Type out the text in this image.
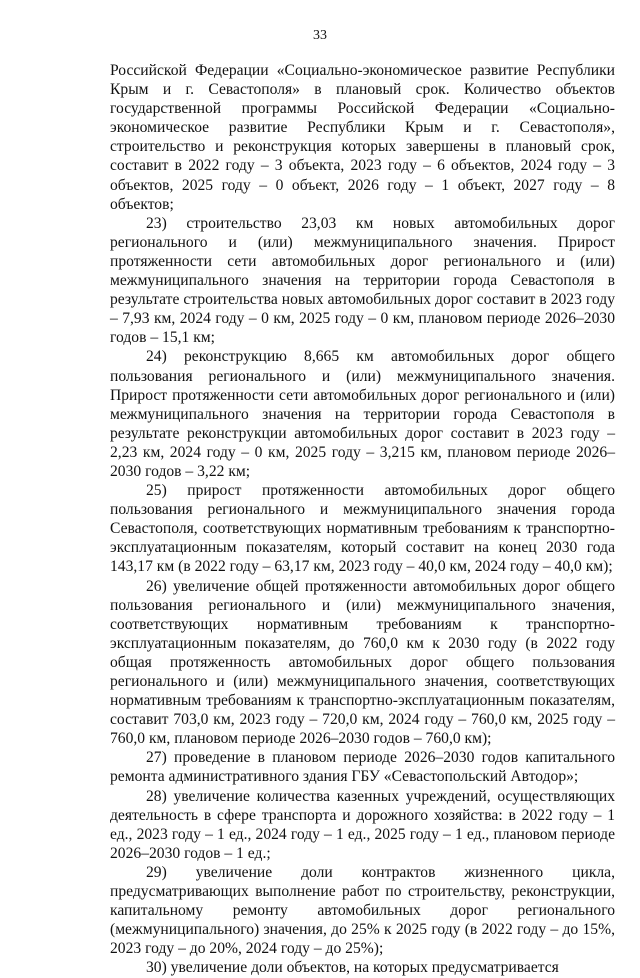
33

Российской Федерации «Социально-экономическое развитие Республики Крым и г. Севастополя» в плановый срок. Количество объектов государственной программы Российской Федерации «Социально-экономическое развитие Республики Крым и г. Севастополя», строительство и реконструкция которых завершены в плановый срок, составит в 2022 году – 3 объекта, 2023 году – 6 объектов, 2024 году – 3 объектов, 2025 году – 0 объект, 2026 году – 1 объект, 2027 году – 8 объектов;

23) строительство 23,03 км новых автомобильных дорог регионального и (или) межмуниципального значения. Прирост протяженности сети автомобильных дорог регионального и (или) межмуниципального значения на территории города Севастополя в результате строительства новых автомобильных дорог составит в 2023 году – 7,93 км, 2024 году – 0 км, 2025 году – 0 км, плановом периоде 2026–2030 годов – 15,1 км;

24) реконструкцию 8,665 км автомобильных дорог общего пользования регионального и (или) межмуниципального значения. Прирост протяженности сети автомобильных дорог регионального и (или) межмуниципального значения на территории города Севастополя в результате реконструкции автомобильных дорог составит в 2023 году – 2,23 км, 2024 году – 0 км, 2025 году – 3,215 км, плановом периоде 2026–2030 годов – 3,22 км;

25) прирост протяженности автомобильных дорог общего пользования регионального и межмуниципального значения города Севастополя, соответствующих нормативным требованиям к транспортно-эксплуатационным показателям, который составит на конец 2030 года 143,17 км (в 2022 году – 63,17 км, 2023 году – 40,0 км, 2024 году – 40,0 км);

26) увеличение общей протяженности автомобильных дорог общего пользования регионального и (или) межмуниципального значения, соответствующих нормативным требованиям к транспортно-эксплуатационным показателям, до 760,0 км к 2030 году (в 2022 году общая протяженность автомобильных дорог общего пользования регионального и (или) межмуниципального значения, соответствующих нормативным требованиям к транспортно-эксплуатационным показателям, составит 703,0 км, 2023 году – 720,0 км, 2024 году – 760,0 км, 2025 году – 760,0 км, плановом периоде 2026–2030 годов – 760,0 км);

27) проведение в плановом периоде 2026–2030 годов капитального ремонта административного здания ГБУ «Севастопольский Автодор»;

28) увеличение количества казенных учреждений, осуществляющих деятельность в сфере транспорта и дорожного хозяйства: в 2022 году – 1 ед., 2023 году – 1 ед., 2024 году – 1 ед., 2025 году – 1 ед., плановом периоде 2026–2030 годов – 1 ед.;

29) увеличение доли контрактов жизненного цикла, предусматривающих выполнение работ по строительству, реконструкции, капитальному ремонту автомобильных дорог регионального (межмуниципального) значения, до 25% к 2025 году (в 2022 году – до 15%, 2023 году – до 20%, 2024 году – до 25%);

30) увеличение доли объектов, на которых предусматривается
